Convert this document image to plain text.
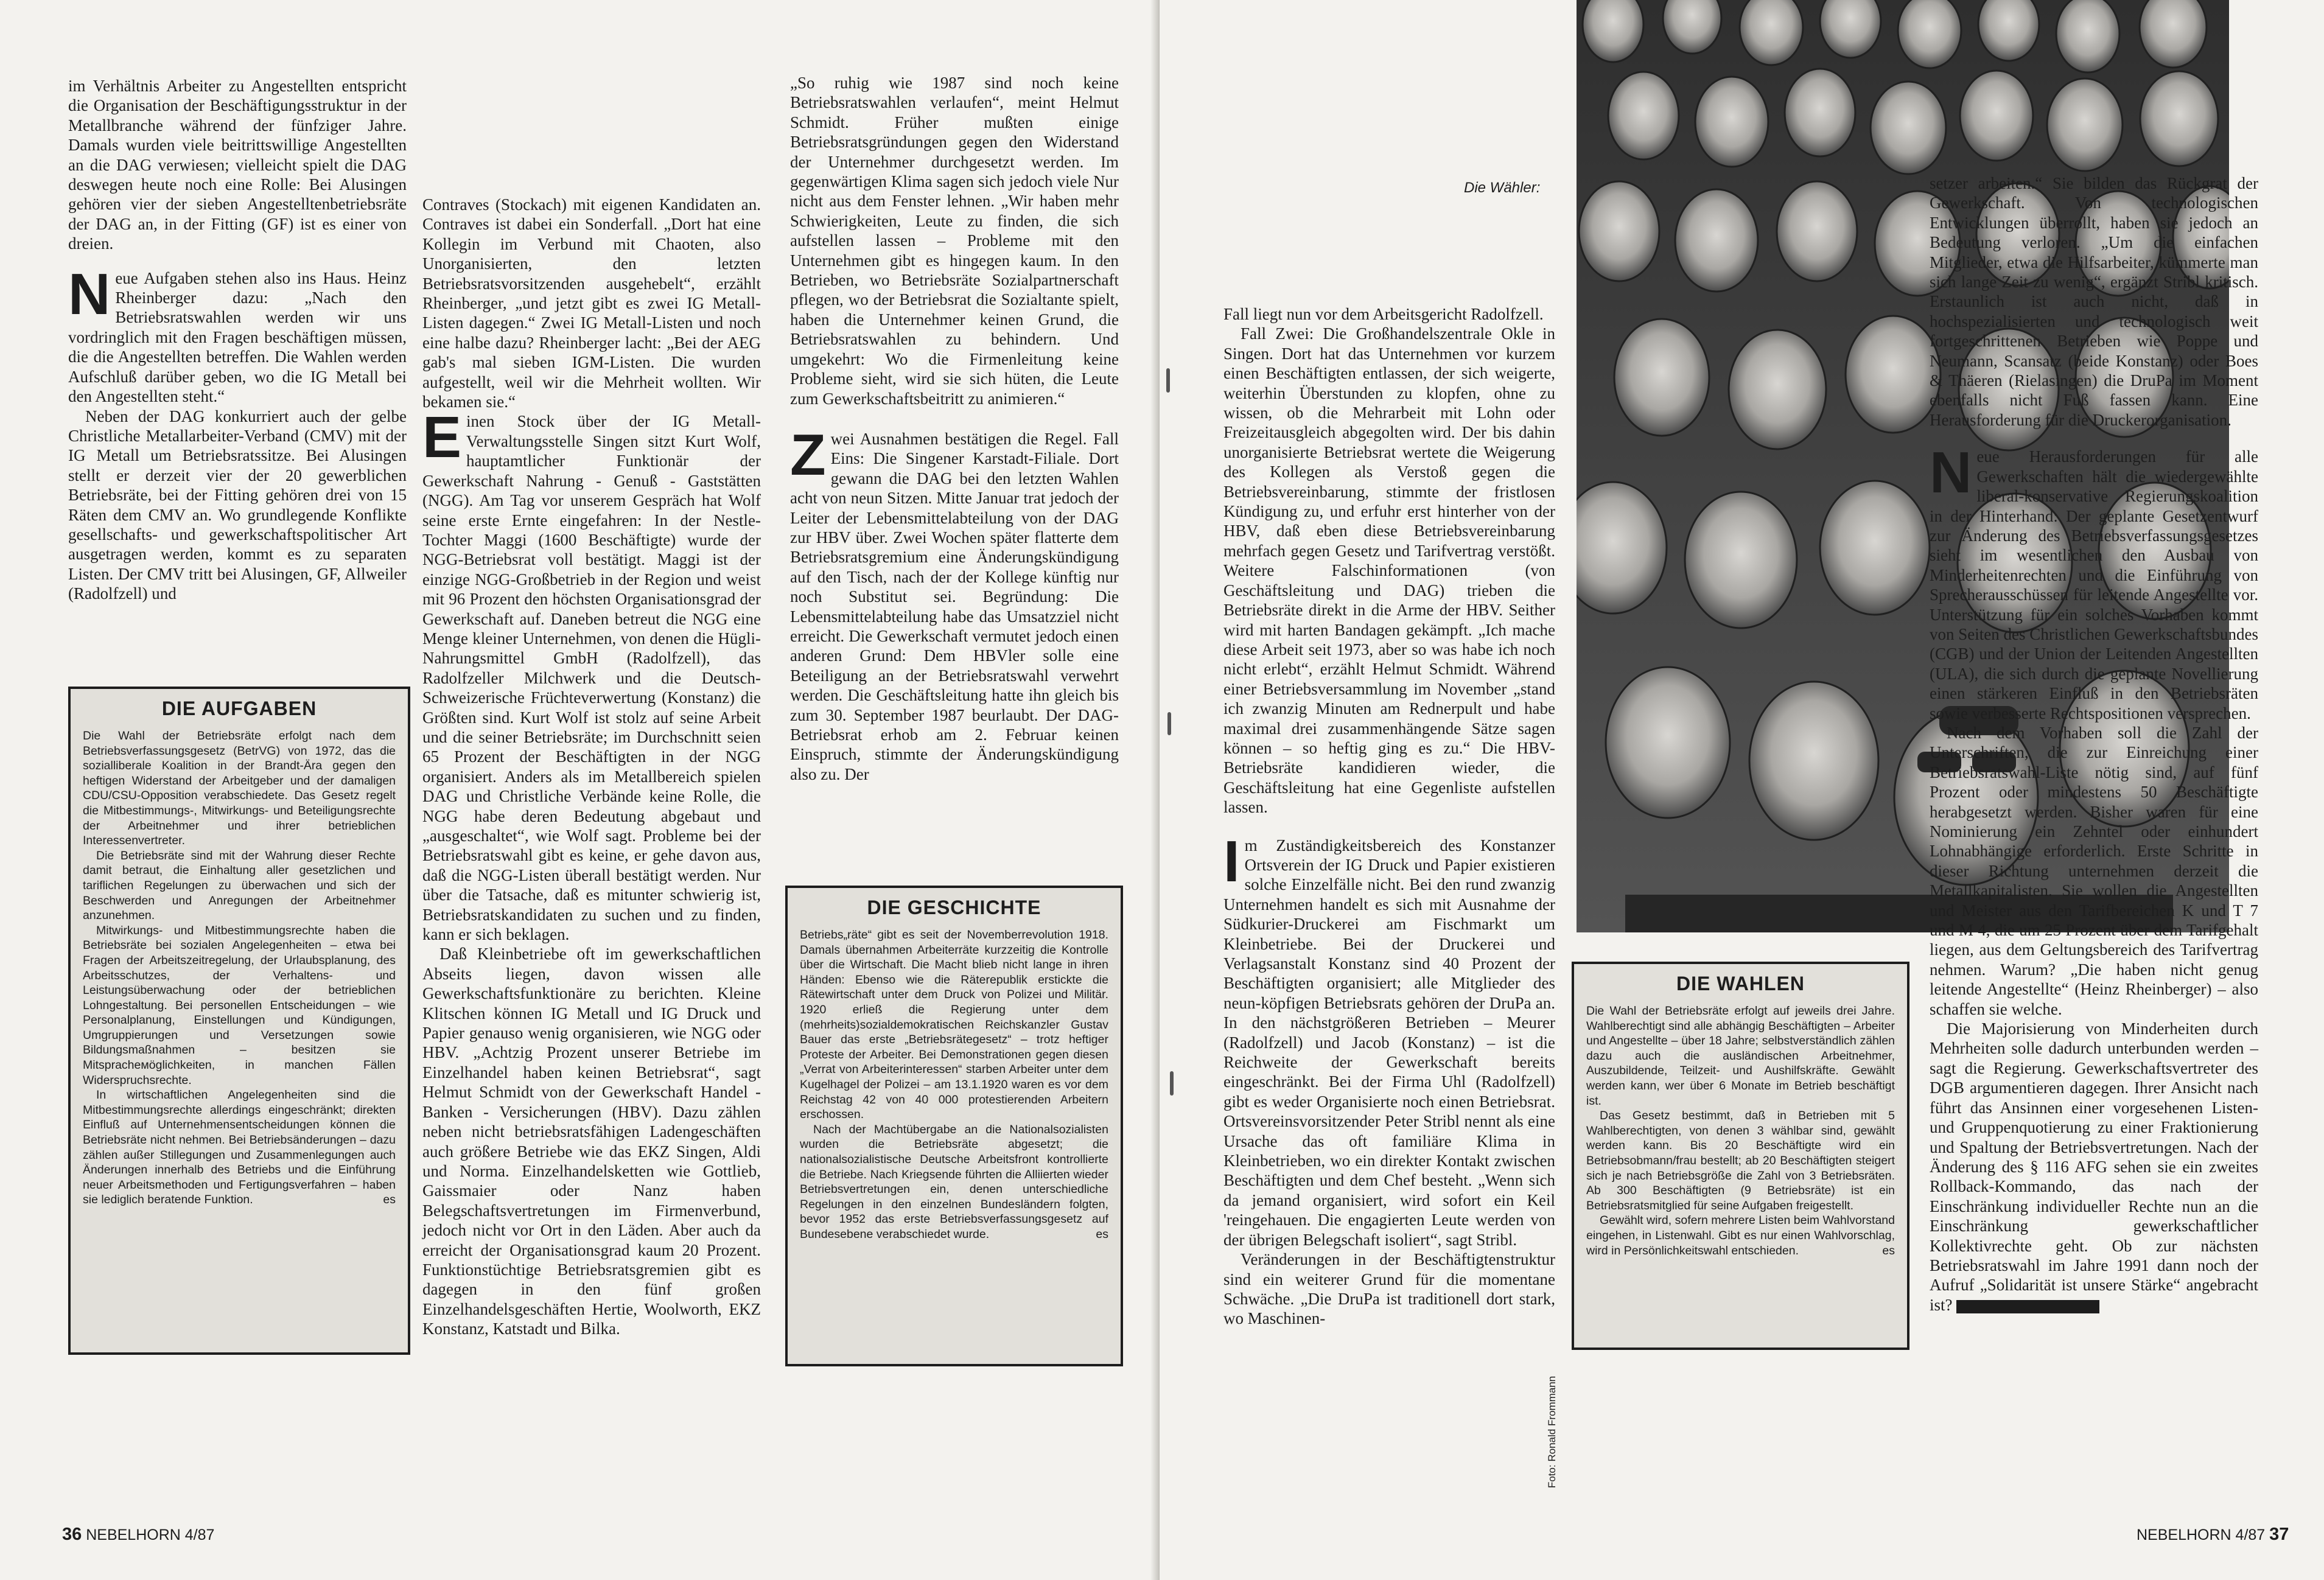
im Verhältnis Arbeiter zu Angestellten entspricht die Organisation der Beschäftigungsstruktur in der Metallbranche während der fünfziger Jahre. Damals wurden viele beitrittswillige Angestellten an die DAG verwiesen; vielleicht spielt die DAG deswegen heute noch eine Rolle: Bei Alusingen gehören vier der sieben Angestelltenbetriebsräte der DAG an, in der Fitting (GF) ist es einer von dreien.

Neue Aufgaben stehen also ins Haus. Heinz Rheinberger dazu: „Nach den Betriebsratswahlen werden wir uns vordringlich mit den Fragen beschäftigen müssen, die die Angestellten betreffen. Die Wahlen werden Aufschluß darüber geben, wo die IG Metall bei den Angestellten steht.“

Neben der DAG konkurriert auch der gelbe Christliche Metallarbeiter-Verband (CMV) mit der IG Metall um Betriebsratssitze. Bei Alusingen stellt er derzeit vier der 20 gewerblichen Betriebsräte, bei der Fitting gehören drei von 15 Räten dem CMV an. Wo grundlegende Konflikte gesellschafts- und gewerkschaftspolitischer Art ausgetragen werden, kommt es zu separaten Listen. Der CMV tritt bei Alusingen, GF, Allweiler (Radolfzell) und

DIE AUFGABEN

Die Wahl der Betriebsräte erfolgt nach dem Betriebsverfassungsgesetz (BetrVG) von 1972, das die sozialliberale Koalition in der Brandt-Ära gegen den heftigen Widerstand der Arbeitgeber und der damaligen CDU/CSU-Opposition verabschiedete. Das Gesetz regelt die Mitbestimmungs-, Mitwirkungs- und Beteiligungsrechte der Arbeitnehmer und ihrer betrieblichen Interessenvertreter.

Die Betriebsräte sind mit der Wahrung dieser Rechte damit betraut, die Einhaltung aller gesetzlichen und tariflichen Regelungen zu überwachen und sich der Beschwerden und Anregungen der Arbeitnehmer anzunehmen.

Mitwirkungs- und Mitbestimmungsrechte haben die Betriebsräte bei sozialen Angelegenheiten – etwa bei Fragen der Arbeitszeitregelung, der Urlaubsplanung, des Arbeitsschutzes, der Verhaltens- und Leistungsüberwachung oder der betrieblichen Lohngestaltung. Bei personellen Entscheidungen – wie Personalplanung, Einstellungen und Kündigungen, Umgruppierungen und Versetzungen sowie Bildungsmaßnahmen – besitzen sie Mitspracheмöglichkeiten, in manchen Fällen Widerspruchsrechte.

In wirtschaftlichen Angelegenheiten sind die Mitbestimmungsrechte allerdings eingeschränkt; direkten Einfluß auf Unternehmensentscheidungen können die Betriebsräte nicht nehmen. Bei Betriebsänderungen – dazu zählen außer Stillegungen und Zusammenlegungen auch Änderungen innerhalb des Betriebs und die Einführung neuer Arbeitsmethoden und Fertigungsverfahren – haben sie lediglich beratende Funktion.	es

Contraves (Stockach) mit eigenen Kandidaten an. Contraves ist dabei ein Sonderfall. „Dort hat eine Kollegin im Verbund mit Chaoten, also Unorganisierten, den letzten Betriebsratsvorsitzenden ausgehebelt“, erzählt Rheinberger, „und jetzt gibt es zwei IG Metall-Listen dagegen.“ Zwei IG Metall-Listen und noch eine halbe dazu? Rheinberger lacht: „Bei der AEG gab's mal sieben IGM-Listen. Die wurden aufgestellt, weil wir die Mehrheit wollten. Wir bekamen sie.“

Einen Stock über der IG Metall-Verwaltungsstelle Singen sitzt Kurt Wolf, hauptamtlicher Funktionär der Gewerkschaft Nahrung - Genuß - Gaststätten (NGG). Am Tag vor unserem Gespräch hat Wolf seine erste Ernte eingefahren: In der Nestle-Tochter Maggi (1600 Beschäftigte) wurde der NGG-Betriebsrat voll bestätigt. Maggi ist der einzige NGG-Großbetrieb in der Region und weist mit 96 Prozent den höchsten Organisationsgrad der Gewerkschaft auf. Daneben betreut die NGG eine Menge kleiner Unternehmen, von denen die Hügli-Nahrungsmittel GmbH (Radolfzell), das Radolfzeller Milchwerk und die Deutsch-Schweizerische Früchteverwertung (Konstanz) die Größten sind. Kurt Wolf ist stolz auf seine Arbeit und die seiner Betriebsräte; im Durchschnitt seien 65 Prozent der Beschäftigten in der NGG organisiert. Anders als im Metallbereich spielen DAG und Christliche Verbände keine Rolle, die NGG habe deren Bedeutung abgebaut und „ausgeschaltet“, wie Wolf sagt. Probleme bei der Betriebsratswahl gibt es keine, er gehe davon aus, daß die NGG-Listen überall bestätigt werden. Nur über die Tatsache, daß es mitunter schwierig ist, Betriebsratskandidaten zu suchen und zu finden, kann er sich beklagen.

Daß Kleinbetriebe oft im gewerkschaftlichen Abseits liegen, davon wissen alle Gewerkschaftsfunktionäre zu berichten. Kleine Klitschen können IG Metall und IG Druck und Papier genauso wenig organisieren, wie NGG oder HBV. „Achtzig Prozent unserer Betriebe im Einzelhandel haben keinen Betriebsrat“, sagt Helmut Schmidt von der Gewerkschaft Handel - Banken - Versicherungen (HBV). Dazu zählen neben nicht betriebsratsfähigen Ladengeschäften auch größere Betriebe wie das EKZ Singen, Aldi und Norma. Einzelhandelsketten wie Gottlieb, Gaissmaier oder Nanz haben Belegschaftsvertretungen im Firmenverbund, jedoch nicht vor Ort in den Läden. Aber auch da erreicht der Organisationsgrad kaum 20 Prozent. Funktionstüchtige Betriebsratsgremien gibt es dagegen in den fünf großen Einzelhandelsgeschäften Hertie, Woolworth, EKZ Konstanz, Katstadt und Bilka.

„So ruhig wie 1987 sind noch keine Betriebsratswahlen verlaufen“, meint Helmut Schmidt. Früher mußten einige Betriebsratsgründungen gegen den Widerstand der Unternehmer durchgesetzt werden. Im gegenwärtigen Klima sagen sich jedoch viele Nur nicht aus dem Fenster lehnen. „Wir haben mehr Schwierigkeiten, Leute zu finden, die sich aufstellen lassen – Probleme mit den Unternehmen gibt es hingegen kaum. In den Betrieben, wo Betriebsräte Sozialpartnerschaft pflegen, wo der Betriebsrat die Sozialtante spielt, haben die Unternehmer keinen Grund, die Betriebsratswahlen zu behindern. Und umgekehrt: Wo die Firmenleitung keine Probleme sieht, wird sie sich hüten, die Leute zum Gewerkschaftsbeitritt zu animieren.“

Zwei Ausnahmen bestätigen die Regel. Fall Eins: Die Singener Karstadt-Filiale. Dort gewann die DAG bei den letzten Wahlen acht von neun Sitzen. Mitte Januar trat jedoch der Leiter der Lebensmittelabteilung von der DAG zur HBV über. Zwei Wochen später flatterte dem Betriebsratsgremium eine Änderungskündigung auf den Tisch, nach der der Kollege künftig nur noch Substitut sei. Begründung: Die Lebensmittelabteilung habe das Umsatzziel nicht erreicht. Die Gewerkschaft vermutet jedoch einen anderen Grund: Dem HBVler solle eine Beteiligung an der Betriebsratswahl verwehrt werden. Die Geschäftsleitung hatte ihn gleich bis zum 30. September 1987 beurlaubt. Der DAG-Betriebsrat erhob am 2. Februar keinen Einspruch, stimmte der Änderungskündigung also zu. Der

DIE GESCHICHTE

Betriebs„räte“ gibt es seit der Novemberrevolution 1918. Damals übernahmen Arbeiterräte kurzzeitig die Kontrolle über die Wirtschaft. Die Macht blieb nicht lange in ihren Händen: Ebenso wie die Räterepublik erstickte die Rätewirtschaft unter dem Druck von Polizei und Militär. 1920 erließ die Regierung unter dem (mehrheits)sozialdemokratischen Reichskanzler Gustav Bauer das erste „Betriebsrätegesetz“ – trotz heftiger Proteste der Arbeiter. Bei Demonstrationen gegen diesen „Verrat von Arbeiterinteressen“ starben Arbeiter unter dem Kugelhagel der Polizei – am 13.1.1920 waren es vor dem Reichstag 42 von 40 000 protestierenden Arbeitern erschossen.

Nach der Machtübergabe an die Nationalsozialisten wurden die Betriebsräte abgesetzt; die nationalsozialistische Deutsche Arbeitsfront kontrollierte die Betriebe. Nach Kriegsende führten die Alliierten wieder Betriebsvertretungen ein, denen unterschiedliche Regelungen in den einzelnen Bundesländern folgten, bevor 1952 das erste Betriebsverfassungsgesetz auf Bundesebene verabschiedet wurde.	es

36 NEBELHORN 4/87
Die Wähler:
Foto: Ronald Frommann

Fall liegt nun vor dem Arbeitsgericht Radolfzell.

Fall Zwei: Die Großhandelszentrale Okle in Singen. Dort hat das Unternehmen vor kurzem einen Beschäftigten entlassen, der sich weigerte, weiterhin Überstunden zu klopfen, ohne zu wissen, ob die Mehrarbeit mit Lohn oder Freizeitausgleich abgegolten wird. Der bis dahin unorganisierte Betriebsrat wertete die Weigerung des Kollegen als Verstoß gegen die Betriebsvereinbarung, stimmte der fristlosen Kündigung zu, und erfuhr erst hinterher von der HBV, daß eben diese Betriebsvereinbarung mehrfach gegen Gesetz und Tarifvertrag verstößt. Weitere Falschinformationen (von Geschäftsleitung und DAG) trieben die Betriebsräte direkt in die Arme der HBV. Seither wird mit harten Bandagen gekämpft. „Ich mache diese Arbeit seit 1973, aber so was habe ich noch nicht erlebt“, erzählt Helmut Schmidt. Während einer Betriebsversammlung im November „stand ich zwanzig Minuten am Rednerpult und habe maximal drei zusammenhängende Sätze sagen können – so heftig ging es zu.“ Die HBV-Betriebsräte kandidieren wieder, die Geschäftsleitung hat eine Gegenliste aufstellen lassen.

Im Zuständigkeitsbereich des Konstanzer Ortsverein der IG Druck und Papier existieren solche Einzelfälle nicht. Bei den rund zwanzig Unternehmen handelt es sich mit Ausnahme der Südkurier-Druckerei am Fischmarkt um Kleinbetriebe. Bei der Druckerei und Verlagsanstalt Konstanz sind 40 Prozent der Beschäftigten organisiert; alle Mitglieder des neun-köpfigen Betriebsrats gehören der DruPa an. In den nächstgrößeren Betrieben – Meurer (Radolfzell) und Jacob (Konstanz) – ist die Reichweite der Gewerkschaft bereits eingeschränkt. Bei der Firma Uhl (Radolfzell) gibt es weder Organisierte noch einen Betriebsrat. Ortsvereinsvorsitzender Peter Stribl nennt als eine Ursache das oft familiäre Klima in Kleinbetrieben, wo ein direkter Kontakt zwischen Beschäftigten und dem Chef besteht. „Wenn sich da jemand organisiert, wird sofort ein Keil 'reingehauen. Die engagierten Leute werden von der übrigen Belegschaft isoliert“, sagt Stribl.

Veränderungen in der Beschäftigtenstruktur sind ein weiterer Grund für die momentane Schwäche. „Die DruPa ist traditionell dort stark, wo Maschinen-

DIE WAHLEN

Die Wahl der Betriebsräte erfolgt auf jeweils drei Jahre. Wahlberechtigt sind alle abhängig Beschäftigten – Arbeiter und Angestellte – über 18 Jahre; selbstverständlich zählen dazu auch die ausländischen Arbeitnehmer, Auszubildende, Teilzeit- und Aushilfskräfte. Gewählt werden kann, wer über 6 Monate im Betrieb beschäftigt ist.

Das Gesetz bestimmt, daß in Betrieben mit 5 Wahlberechtigten, von denen 3 wählbar sind, gewählt werden kann. Bis 20 Beschäftigte wird ein Betriebsobmann/frau bestellt; ab 20 Beschäftigten steigert sich je nach Betriebsgröße die Zahl von 3 Betriebsräten. Ab 300 Beschäftigten (9 Betriebsräte) ist ein Betriebsratsmitglied für seine Aufgaben freigestellt.

Gewählt wird, sofern mehrere Listen beim Wahlvorstand eingehen, in Listenwahl. Gibt es nur einen Wahlvorschlag, wird in Persönlichkeitswahl entschieden.	es

setzer arbeiten.“ Sie bilden das Rückgrat der Gewerkschaft. Von technologischen Entwicklungen überrollt, haben sie jedoch an Bedeutung verloren. „Um die einfachen Mitglieder, etwa die Hilfsarbeiter, kümmerte man sich lange Zeit zu wenig“, ergänzt Stribl kritisch. Erstaunlich ist auch nicht, daß in hochspezialisierten und technologisch weit fortgeschrittenen Betrieben wie Poppe und Neumann, Scansatz (beide Konstanz) oder Boes & Thäeren (Rielasingen) die DruPa im Moment ebenfalls nicht Fuß fassen kann. Eine Herausforderung für die Druckerorganisation.

Neue Herausforderungen für alle Gewerkschaften hält die wiedergewählte liberal-konservative Regierungskoalition in der Hinterhand: Der geplante Gesetzentwurf zur Änderung des Betriebsverfassungsgesetzes sieht im wesentlichen den Ausbau von Minderheitenrechten und die Einführung von Sprecherausschüssen für leitende Angestellte vor. Unterstützung für ein solches Vorhaben kommt von Seiten des Christlichen Gewerkschaftsbundes (CGB) und der Union der Leitenden Angestellten (ULA), die sich durch die geplante Novellierung einen stärkeren Einfluß in den Betriebsräten sowie verbesserte Rechtspositionen versprechen.

Nach dem Vorhaben soll die Zahl der Unterschriften, die zur Einreichung einer Betriebsratswahl-Liste nötig sind, auf fünf Prozent oder mindestens 50 Beschäftigte herabgesetzt werden. Bisher waren für eine Nominierung ein Zehntel oder einhundert Lohnabhängige erforderlich. Erste Schritte in dieser Richtung unternehmen derzeit die Metallkapitalisten. Sie wollen die Angestellten und Meister aus den Tarifbereichen K und T 7 und M 4, die um 25 Prozent über dem Tarifgehalt liegen, aus dem Geltungsbereich des Tarifvertrag nehmen. Warum? „Die haben nicht genug leitende Angestellte“ (Heinz Rheinberger) – also schaffen sie welche.

Die Majorisierung von Minderheiten durch Mehrheiten solle dadurch unterbunden werden – sagt die Regierung. Gewerkschaftsvertreter des DGB argumentieren dagegen. Ihrer Ansicht nach führt das Ansinnen einer vorgesehenen Listen- und Gruppenquotierung zu einer Fraktionierung und Spaltung der Betriebsvertretungen. Nach der Änderung des § 116 AFG sehen sie ein zweites Rollback-Kommando, das nach der Einschränkung individueller Rechte nun an die Einschränkung gewerkschaftlicher Kollektivrechte geht. Ob zur nächsten Betriebsratswahl im Jahre 1991 dann noch der Aufruf „Solidarität ist unsere Stärke“ angebracht ist?

NEBELHORN 4/87 37
